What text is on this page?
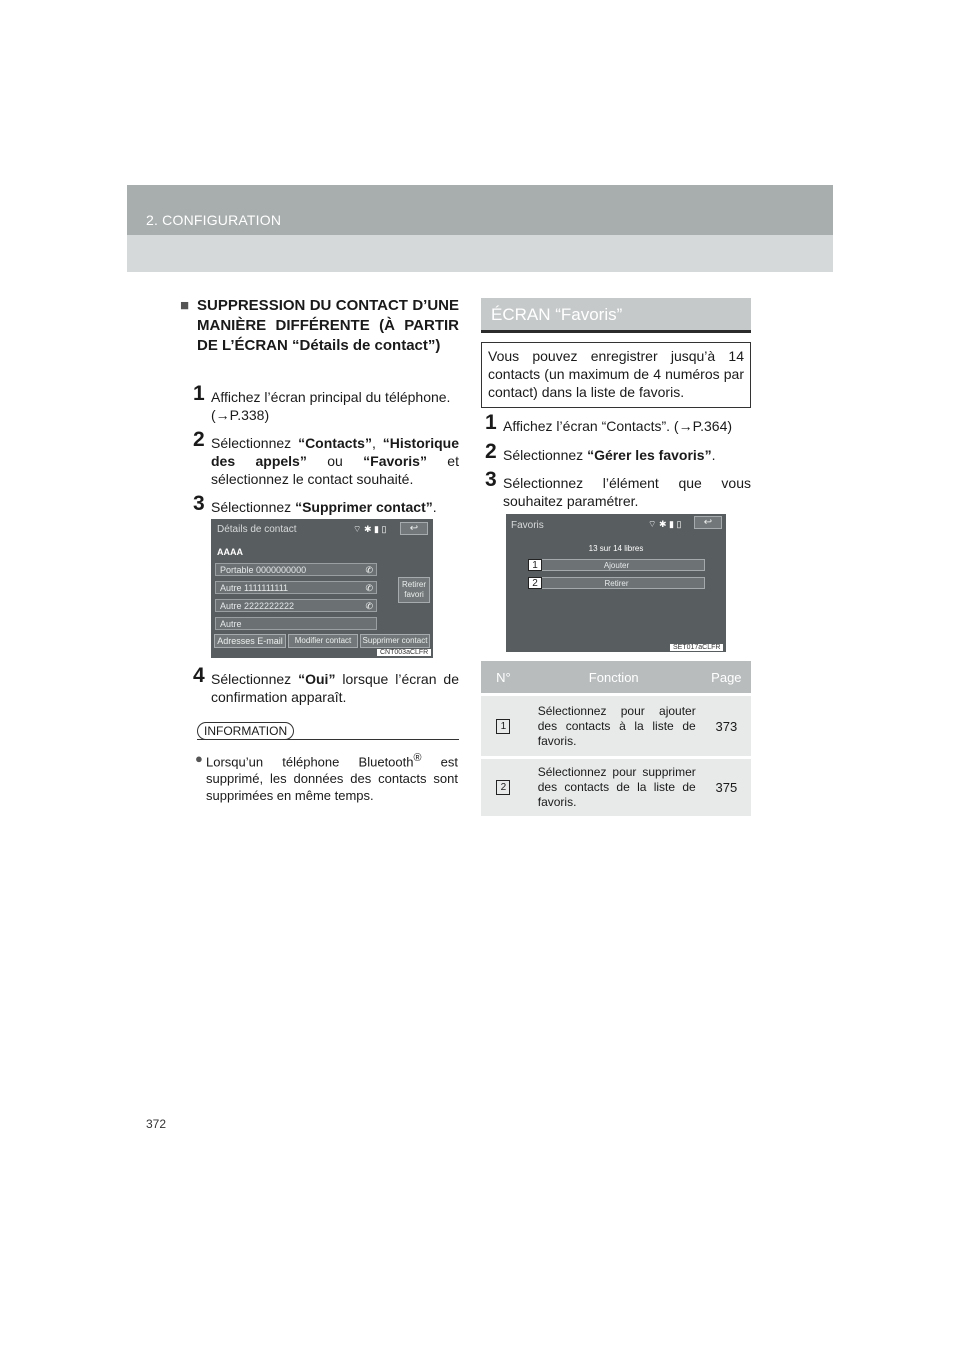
2. CONFIGURATION
■ SUPPRESSION DU CONTACT D’UNE MANIÈRE DIFFÉRENTE (À PARTIR DE L’ÉCRAN “Détails de contact”)
1 Affichez l’écran principal du téléphone.
(→P.338)
2 Sélectionnez “Contacts”, “Historique des appels” ou “Favoris” et sélectionnez le contact souhaité.
3 Sélectionnez “Supprimer contact”.
Détails de contact	⌔ ✱ ▮ ▯	↩
AAAA
Portable 0000000000	✆
Autre 1111111111	✆
Autre 2222222222	✆
Autre
Retirer favori
Adresses E-mail	Modifier contact	Supprimer contact
CNT003aCLFR
4 Sélectionnez “Oui” lorsque l’écran de confirmation apparaît.
INFORMATION
● Lorsqu’un téléphone Bluetooth® est supprimé, les données des contacts sont supprimées en même temps.
ÉCRAN “Favoris”
Vous pouvez enregistrer jusqu’à 14 contacts (un maximum de 4 numéros par contact) dans la liste de favoris.
1 Affichez l’écran “Contacts”. (→P.364)
2 Sélectionnez “Gérer les favoris”.
3 Sélectionnez l’élément que vous souhaitez paramétrer.
Favoris	⌔ ✱ ▮ ▯	↩
13 sur 14 libres
Ajouter
1
Retirer
2
SET017aCLFR
N°	Fonction	Page
1	Sélectionnez pour ajouter des contacts à la liste de favoris.	373
2	Sélectionnez pour supprimer des contacts de la liste de favoris.	375
372
